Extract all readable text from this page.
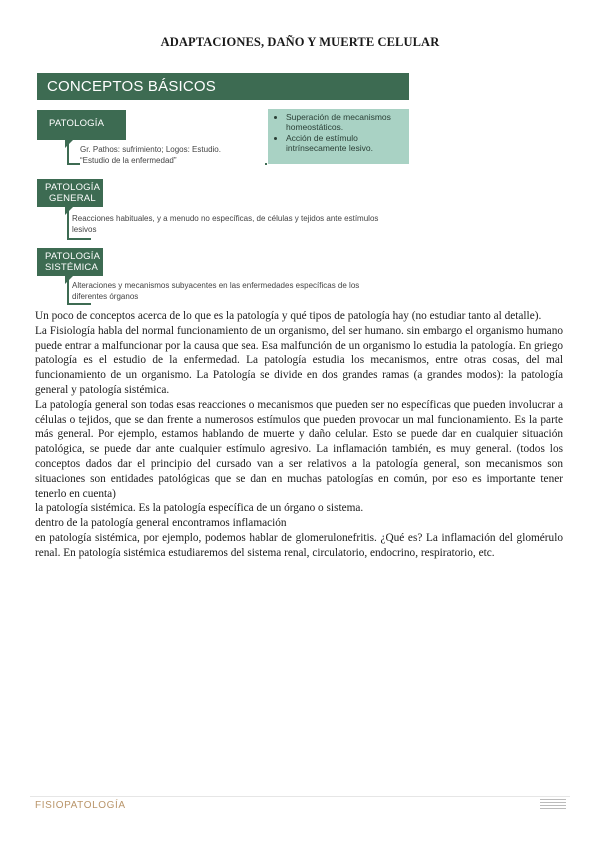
ADAPTACIONES, DAÑO Y MUERTE CELULAR
CONCEPTOS BÁSICOS
• Superación de mecanismos homeostáticos.
• Acción de estímulo intrínsecamente lesivo.
PATOLOGÍA
Gr. Pathos: sufrimiento; Logos: Estudio.
“Estudio de la enfermedad”
PATOLOGÍA
GENERAL
Reacciones habituales, y a menudo no específicas, de células y tejidos ante estímulos lesivos
PATOLOGÍA
SISTÉMICA
Alteraciones y mecanismos subyacentes en las enfermedades específicas de los diferentes órganos

Un poco de conceptos acerca de lo que es la patología y qué tipos de patología hay (no estudiar tanto al detalle).

La Fisiología habla del normal funcionamiento de un organismo, del ser humano. sin embargo el organismo humano puede entrar a malfuncionar por la causa que sea. Esa malfunción de un organismo lo estudia la patología. En griego patología es el estudio de la enfermedad. La patología estudia los mecanismos, entre otras cosas, del mal funcionamiento de un organismo. La Patología se divide en dos grandes ramas (a grandes modos): la patología general y patología sistémica.

La patología general son todas esas reacciones o mecanismos que pueden ser no específicas que pueden involucrar a células o tejidos, que se dan frente a numerosos estímulos que pueden provocar un mal funcionamiento. Es la parte más general. Por ejemplo, estamos hablando de muerte y daño celular. Esto se puede dar en cualquier situación patológica, se puede dar ante cualquier estímulo agresivo. La inflamación también, es muy general. (todos los conceptos dados dar el principio del cursado van a ser relativos a la patología general, son mecanismos son situaciones son entidades patológicas que se dan en muchas patologías en común, por eso es importante tener tenerlo en cuenta)

la patología sistémica. Es la patología específica de un órgano o sistema.

dentro de la patología general encontramos inflamación

en patología sistémica, por ejemplo, podemos hablar de glomerulonefritis. ¿Qué es? La inflamación del glomérulo renal. En patología sistémica estudiaremos del sistema renal, circulatorio, endocrino, respiratorio, etc.

FISIOPATOLOGÍA
